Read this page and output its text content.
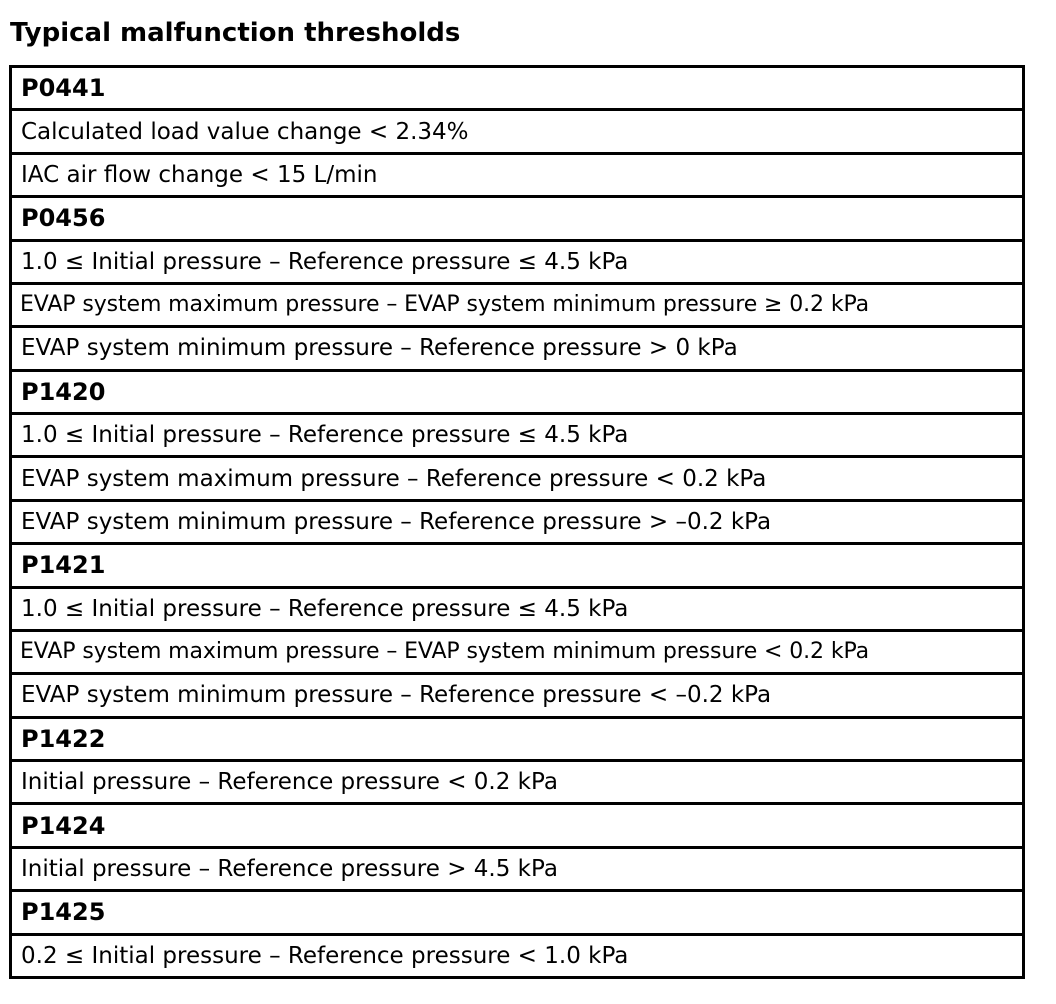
Typical malfunction thresholds
P0441
Calculated load value change < 2.34%
IAC air flow change < 15 L/min
P0456
1.0 ≤ Initial pressure – Reference pressure ≤ 4.5 kPa
EVAP system maximum pressure – EVAP system minimum pressure ≥ 0.2 kPa
EVAP system minimum pressure – Reference pressure > 0 kPa
P1420
1.0 ≤ Initial pressure – Reference pressure ≤ 4.5 kPa
EVAP system maximum pressure – Reference pressure < 0.2 kPa
EVAP system minimum pressure – Reference pressure > –0.2 kPa
P1421
1.0 ≤ Initial pressure – Reference pressure ≤ 4.5 kPa
EVAP system maximum pressure – EVAP system minimum pressure < 0.2 kPa
EVAP system minimum pressure – Reference pressure < –0.2 kPa
P1422
Initial pressure – Reference pressure < 0.2 kPa
P1424
Initial pressure – Reference pressure > 4.5 kPa
P1425
0.2 ≤ Initial pressure – Reference pressure < 1.0 kPa
